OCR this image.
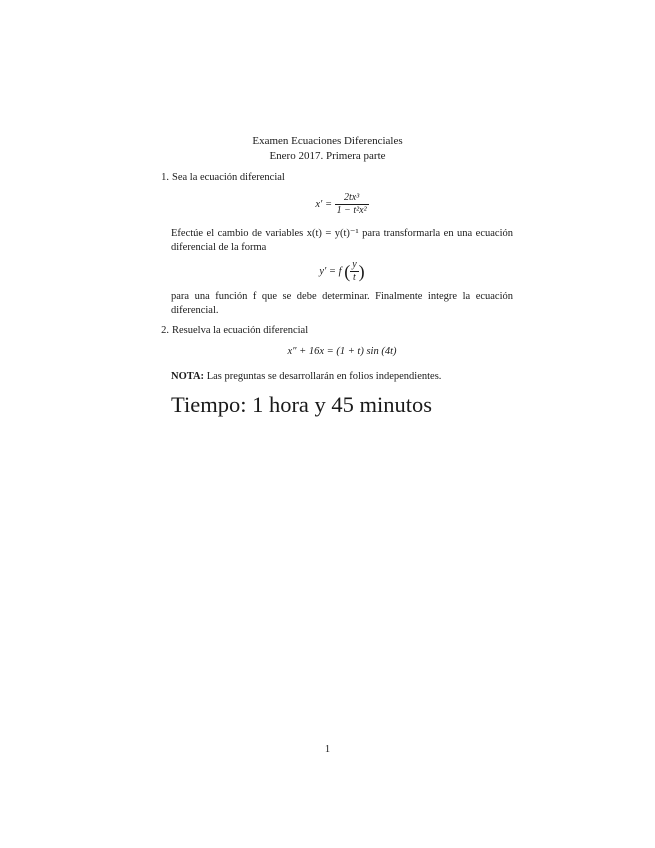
Examen Ecuaciones Diferenciales
Enero 2017. Primera parte
1. Sea la ecuación diferencial
$x' = \frac{\text{2tx³}}{\text{1 − t²x²}}$
Efectúe el cambio de variables x(t) = y(t)⁻¹ para transformarla en una ecuación diferencial de la forma
y′ = f ( $\frac{y}{t}$ )
para una función f que se debe determinar. Finalmente integre la ecuación diferencial.
2. Resuelva la ecuación diferencial
x″ + 16x = (1 + t) sin (4t)
NOTA: Las preguntas se desarrollarán en folios independientes.
Tiempo: 1 hora y 45 minutos
1
